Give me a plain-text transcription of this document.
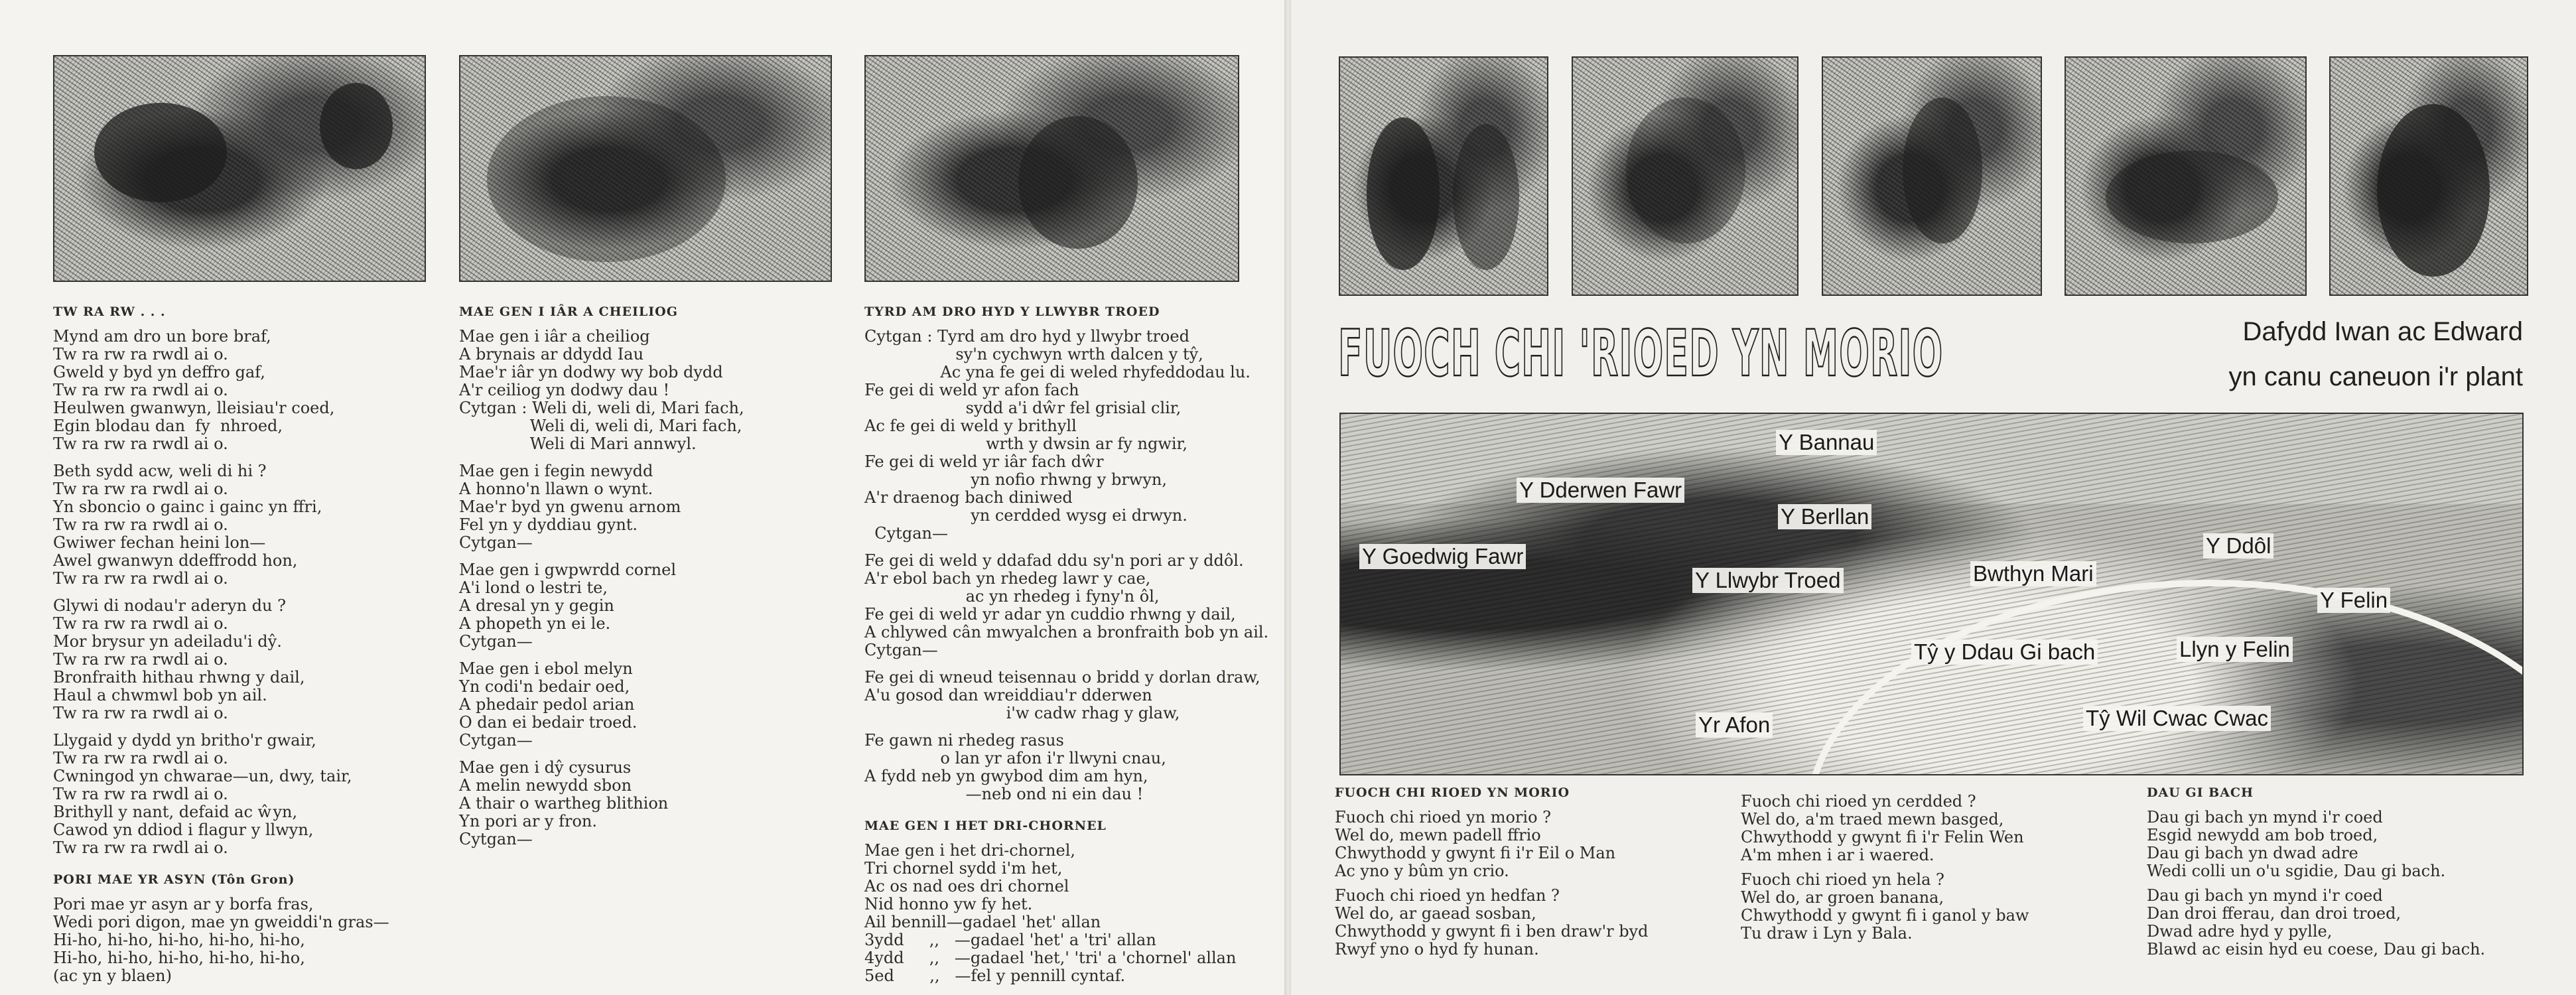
TW RA RW . . .
Mynd am dro un bore braf,
Tw ra rw ra rwdl ai o.
Gweld y byd yn deffro gaf,
Tw ra rw ra rwdl ai o.
Heulwen gwanwyn, lleisiau'r coed,
Egin blodau dan  fy  nhroed,
Tw ra rw ra rwdl ai o.
Beth sydd acw, weli di hi ?
Tw ra rw ra rwdl ai o.
Yn sboncio o gainc i gainc yn ffri,
Tw ra rw ra rwdl ai o.
Gwiwer fechan heini lon—
Awel gwanwyn ddeffrodd hon,
Tw ra rw ra rwdl ai o.
Glywi di nodau'r aderyn du ?
Tw ra rw ra rwdl ai o.
Mor brysur yn adeiladu'i dŷ.
Tw ra rw ra rwdl ai o.
Bronfraith hithau rhwng y dail,
Haul a chwmwl bob yn ail.
Tw ra rw ra rwdl ai o.
Llygaid y dydd yn britho'r gwair,
Tw ra rw ra rwdl ai o.
Cwningod yn chwarae—un, dwy, tair,
Tw ra rw ra rwdl ai o.
Brithyll y nant, defaid ac ŵyn,
Cawod yn ddiod i flagur y llwyn,
Tw ra rw ra rwdl ai o.
PORI MAE YR ASYN (Tôn Gron)
Pori mae yr asyn ar y borfa fras,
Wedi pori digon, mae yn gweiddi'n gras—
Hi-ho, hi-ho, hi-ho, hi-ho, hi-ho,
Hi-ho, hi-ho, hi-ho, hi-ho, hi-ho,
(ac yn y blaen)
MAE GEN I IÂR A CHEILIOG
Mae gen i iâr a cheiliog
A brynais ar ddydd Iau
Mae'r iâr yn dodwy wy bob dydd
A'r ceiliog yn dodwy dau !
Cytgan : Weli di, weli di, Mari fach,
Weli di, weli di, Mari fach,
Weli di Mari annwyl.
Mae gen i fegin newydd
A honno'n llawn o wynt.
Mae'r byd yn gwenu arnom
Fel yn y dyddiau gynt.
Cytgan—
Mae gen i gwpwrdd cornel
A'i lond o lestri te,
A dresal yn y gegin
A phopeth yn ei le.
Cytgan—
Mae gen i ebol melyn
Yn codi'n bedair oed,
A phedair pedol arian
O dan ei bedair troed.
Cytgan—
Mae gen i dŷ cysurus
A melin newydd sbon
A thair o wartheg blithion
Yn pori ar y fron.
Cytgan—
TYRD AM DRO HYD Y LLWYBR TROED
Cytgan : Tyrd am dro hyd y llwybr troed
sy'n cychwyn wrth dalcen y tŷ,
Ac yna fe gei di weled rhyfeddodau lu.
Fe gei di weld yr afon fach
sydd a'i dŵr fel grisial clir,
Ac fe gei di weld y brithyll
wrth y dwsin ar fy ngwir,
Fe gei di weld yr iâr fach dŵr
yn nofio rhwng y brwyn,
A'r draenog bach diniwed
yn cerdded wysg ei drwyn.
Cytgan—
Fe gei di weld y ddafad ddu sy'n pori ar y ddôl.
A'r ebol bach yn rhedeg lawr y cae,
ac yn rhedeg i fyny'n ôl,
Fe gei di weld yr adar yn cuddio rhwng y dail,
A chlywed cân mwyalchen a bronfraith bob yn ail.
Cytgan—
Fe gei di wneud teisennau o bridd y dorlan draw,
A'u gosod dan wreiddiau'r dderwen
i'w cadw rhag y glaw,
Fe gawn ni rhedeg rasus
o lan yr afon i'r llwyni cnau,
A fydd neb yn gwybod dim am hyn,
—neb ond ni ein dau !
MAE GEN I HET DRI-CHORNEL
Mae gen i het dri-chornel,
Tri chornel sydd i'm het,
Ac os nad oes dri chornel
Nid honno yw fy het.
Ail bennill—gadael 'het' allan
3ydd     ,,   —gadael 'het' a 'tri' allan
4ydd     ,,   —gadael 'het,' 'tri' a 'chornel' allan
5ed       ,,   —fel y pennill cyntaf.
FUOCH CHI 'RIOED YN MORIO	Dafydd Iwan ac Edward
yn canu caneuon i'r plant
Y Bannau
Y Dderwen Fawr
Y Berllan
Y Goedwig Fawr
Y Llwybr Troed	Bwthyn Mari
Y Ddôl
Y Felin
Tŷ y Ddau Gi bach	Llyn y Felin
Yr Afon	Tŷ Wil Cwac Cwac
FUOCH CHI RIOED YN MORIO
Fuoch chi rioed yn morio ?
Wel do, mewn padell ffrio
Chwythodd y gwynt fi i'r Eil o Man
Ac yno y bûm yn crio.
Fuoch chi rioed yn hedfan ?
Wel do, ar gaead sosban,
Chwythodd y gwynt fi i ben draw'r byd
Rwyf yno o hyd fy hunan.
Fuoch chi rioed yn cerdded ?
Wel do, a'm traed mewn basged,
Chwythodd y gwynt fi i'r Felin Wen
A'm mhen i ar i waered.
Fuoch chi rioed yn hela ?
Wel do, ar groen banana,
Chwythodd y gwynt fi i ganol y baw
Tu draw i Lyn y Bala.
DAU GI BACH
Dau gi bach yn mynd i'r coed
Esgid newydd am bob troed,
Dau gi bach yn dwad adre
Wedi colli un o'u sgidie, Dau gi bach.
Dau gi bach yn mynd i'r coed
Dan droi fferau, dan droi troed,
Dwad adre hyd y pylle,
Blawd ac eisin hyd eu coese, Dau gi bach.
